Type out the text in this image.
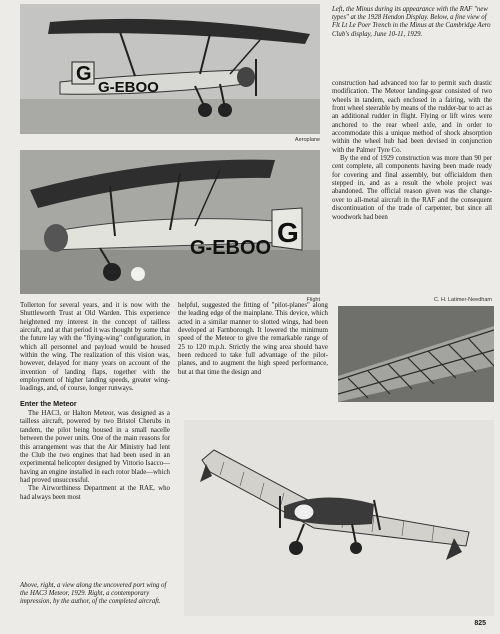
G
G-EBOO
Aeroplane
Left, the Minus during its appearance with the RAF "new types" at the 1928 Hendon Display. Below, a fine view of Flt Lt Le Poer Trench in the Minus at the Cambridge Aero Club's display, June 10-11, 1929.
G
G-EBOO
Flight

construction had advanced too far to permit such drastic modification. The Meteor landing-gear consisted of two wheels in tandem, each enclosed in a fairing, with the front wheel steerable by means of the rudder-bar to act as an additional rudder in flight. Flying or lift wires were anchored to the rear wheel axle, and in order to accommodate this a unique method of shock absorption within the wheel hub had been devised in conjunction with the Palmer Tyre Co.

By the end of 1929 construction was more than 90 per cent complete, all components having been made ready for covering and final assembly, but officialdom then stepped in, and as a result the whole project was abandoned. The official reason given was the change-over to all-metal aircraft in the RAF and the consequent discontinuation of the trade of carpenter, but since all woodwork had been

C. H. Latimer-Needham

Tollerton for several years, and it is now with the Shuttleworth Trust at Old Warden. This experience heightened my interest in the concept of tailless aircraft, and at that period it was thought by some that the future lay with the "flying-wing" configuration, in which all personnel and payload would be housed within the wing. The realization of this vision was, however, delayed for many years on account of the invention of landing flaps, together with the employment of higher landing speeds, greater wing-loadings, and, of course, longer runways.

Enter the Meteor

The HAC3, or Halton Meteor, was designed as a tailless aircraft, powered by two Bristol Cherubs in tandem, the pilot being housed in a small nacelle between the power units. One of the main reasons for this arrangement was that the Air Ministry had lent the Club the two engines that had been used in an experimental helicopter designed by Vittorio Isacco—having an engine installed in each rotor blade—which had proved unsuccessful.

The Airworthiness Department at the RAE, who had always been most

helpful, suggested the fitting of "pilot-planes" along the leading edge of the mainplane. This device, which acted in a similar manner to slotted wings, had been developed at Farnborough. It lowered the minimum speed of the Meteor to give the remarkable range of 25 to 120 m.p.h. Strictly the wing area should have been reduced to take full advantage of the pilot-planes, and to augment the high speed performance, but at that time the design and

Above, right, a view along the uncovered port wing of the HAC3 Meteor, 1929. Right, a contemporary impression, by the author, of the completed aircraft.
825
